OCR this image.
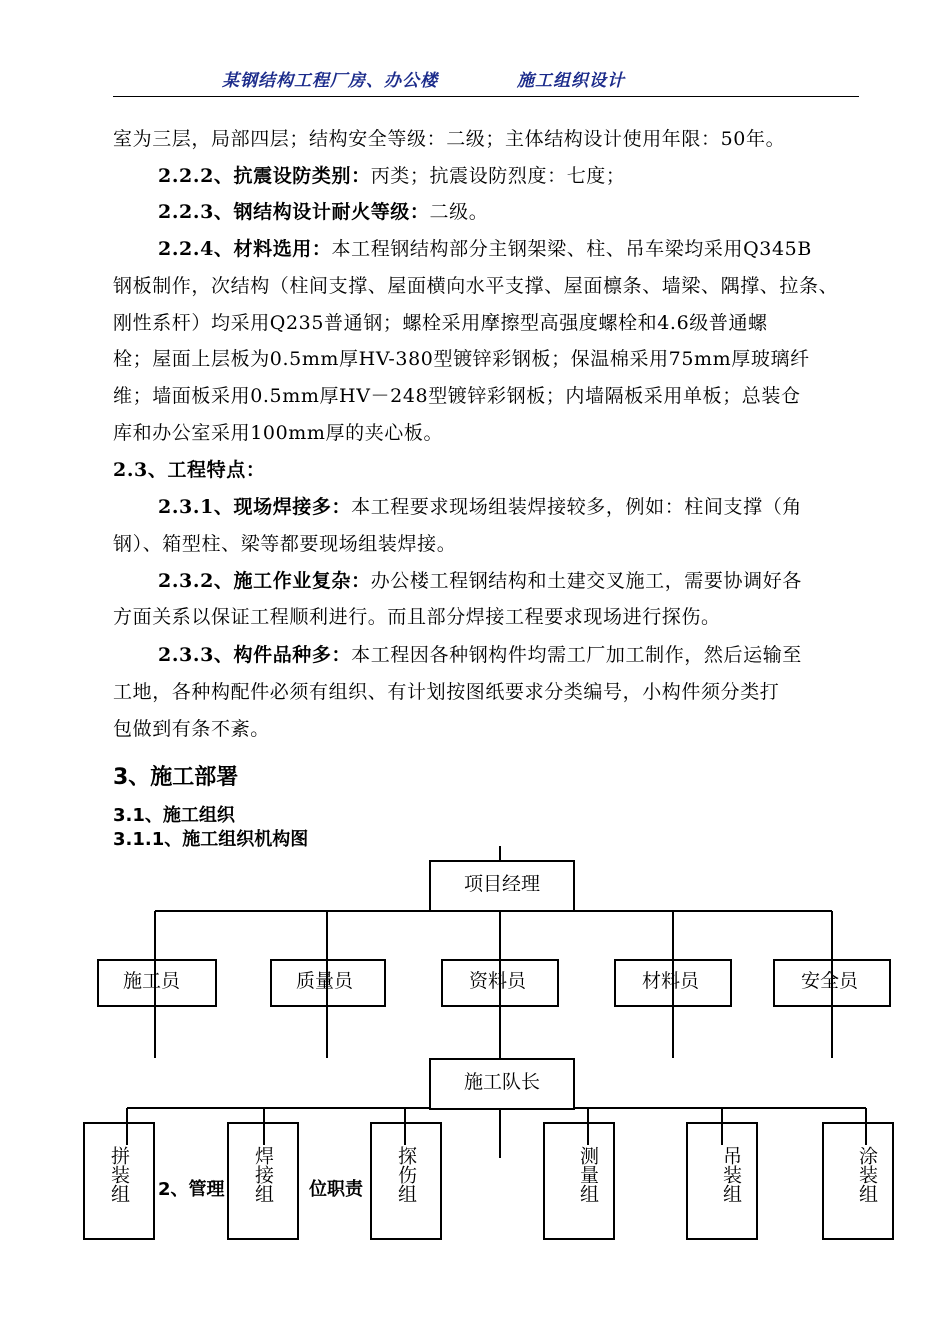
某钢结构工程厂房、办公楼	施工组织设计
室为三层，局部四层；结构安全等级：二级；主体结构设计使用年限：50年。
2.2.2、抗震设防类别：丙类；抗震设防烈度：七度；
2.2.3、钢结构设计耐火等级：二级。
2.2.4、材料选用：本工程钢结构部分主钢架梁、柱、吊车梁均采用Q345B
钢板制作，次结构（柱间支撑、屋面横向水平支撑、屋面檩条、墙梁、隅撑、拉条、
刚性系杆）均采用Q235普通钢；螺栓采用摩擦型高强度螺栓和4.6级普通螺
栓；屋面上层板为0.5mm厚HV-380型镀锌彩钢板；保温棉采用75mm厚玻璃纤
维；墙面板采用0.5mm厚HV－248型镀锌彩钢板；内墙隔板采用单板；总装仓
库和办公室采用100mm厚的夹心板。
2.3、工程特点：
2.3.1、现场焊接多：本工程要求现场组装焊接较多，例如：柱间支撑（角
钢）、箱型柱、梁等都要现场组装焊接。
2.3.2、施工作业复杂：办公楼工程钢结构和土建交叉施工，需要协调好各
方面关系以保证工程顺利进行。而且部分焊接工程要求现场进行探伤。
2.3.3、构件品种多：本工程因各种钢构件均需工厂加工制作，然后运输至
工地，各种构配件必须有组织、有计划按图纸要求分类编号，小构件须分类打
包做到有条不紊。
3、施工部署
3.1、施工组织
3.1.1、施工组织机构图
项目经理
施工队长
施工员	质量员	资料员	材料员	安全员
2、管理	位职责
拼装组	焊接组	探伤组	测量组	吊装组	涂装组
